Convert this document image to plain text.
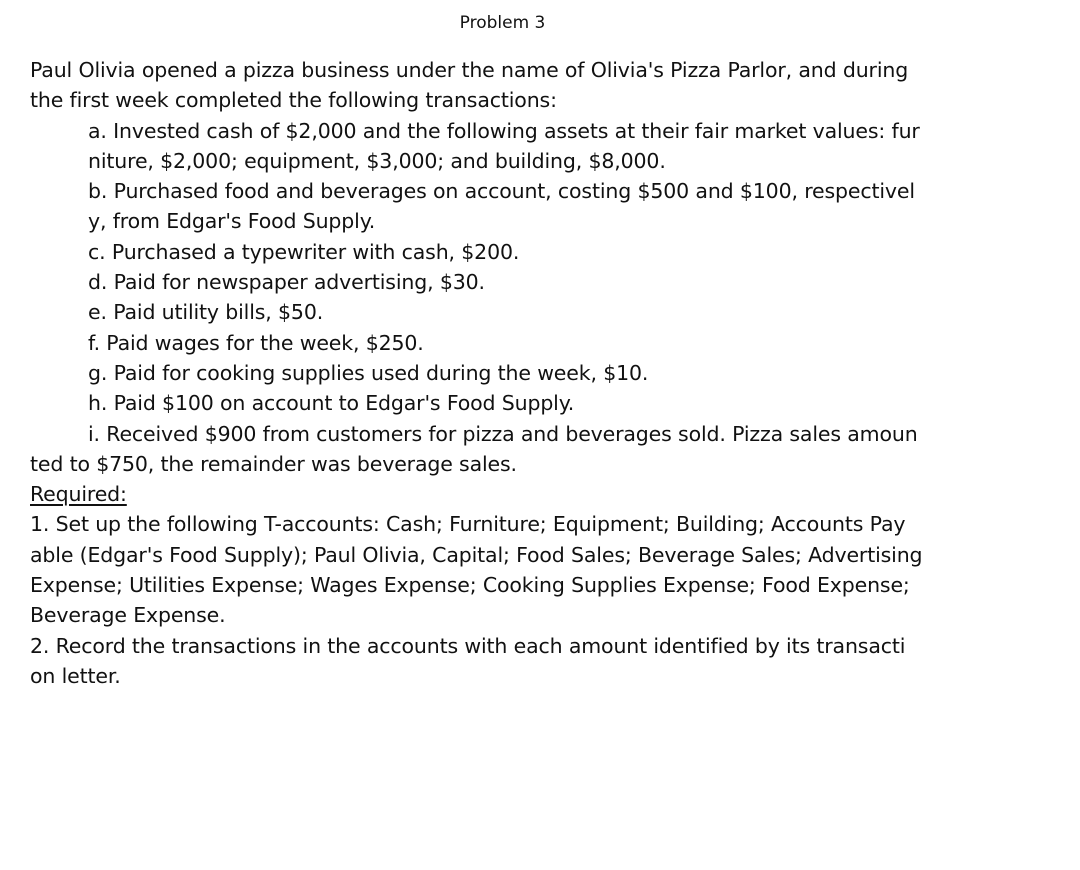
Problem 3
Paul Olivia opened a pizza business under the name of Olivia's Pizza Parlor, and during
the first week completed the following transactions:
a. Invested cash of $2,000 and the following assets at their fair market values: fur
niture, $2,000; equipment, $3,000; and building, $8,000.
b. Purchased food and beverages on account, costing $500 and $100, respectivel
y, from Edgar's Food Supply.
c. Purchased a typewriter with cash, $200.
d. Paid for newspaper advertising, $30.
e. Paid utility bills, $50.
f. Paid wages for the week, $250.
g. Paid for cooking supplies used during the week, $10.
h. Paid $100 on account to Edgar's Food Supply.
i. Received $900 from customers for pizza and beverages sold. Pizza sales amoun
ted to $750, the remainder was beverage sales.
Required:
1. Set up the following T-accounts: Cash; Furniture; Equipment; Building; Accounts Pay
able (Edgar's Food Supply); Paul Olivia, Capital; Food Sales; Beverage Sales; Advertising
Expense; Utilities Expense; Wages Expense; Cooking Supplies Expense; Food Expense;
Beverage Expense.
2. Record the transactions in the accounts with each amount identified by its transacti
on letter.
